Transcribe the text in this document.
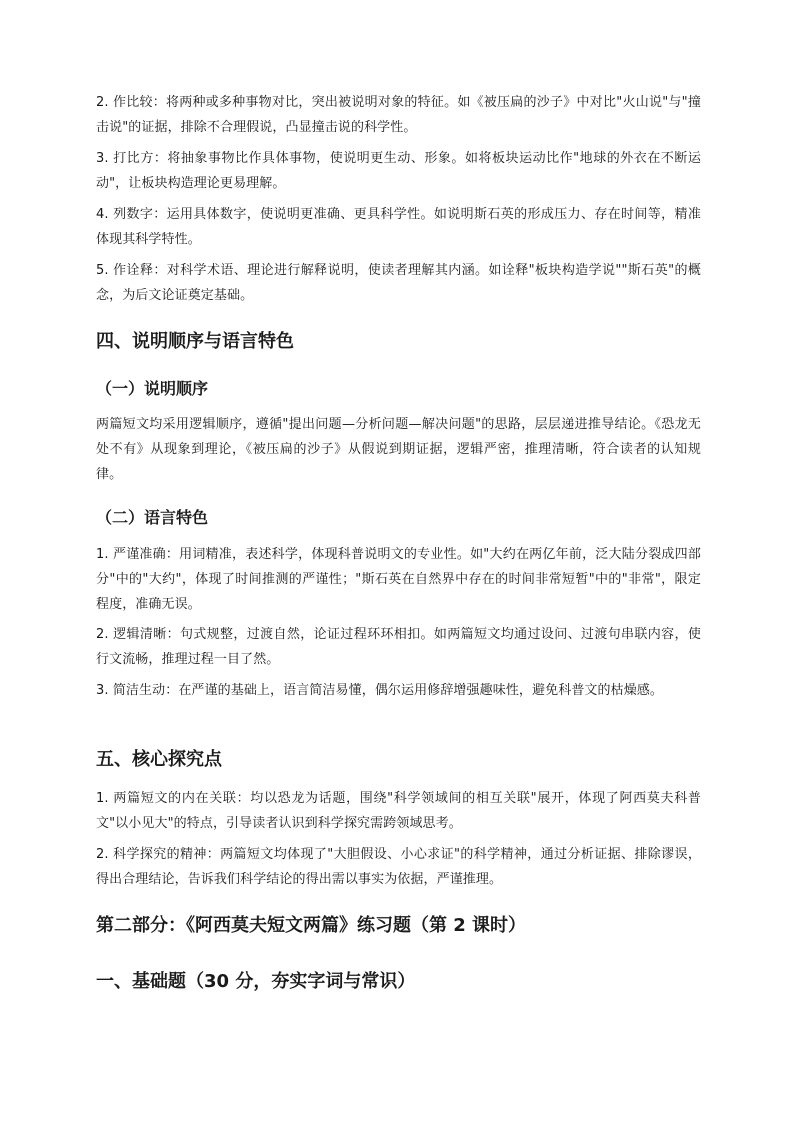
2. 作比较：将两种或多种事物对比，突出被说明对象的特征。如《被压扁的沙子》中对比"火山说"与"撞击说"的证据，排除不合理假说，凸显撞击说的科学性。

3. 打比方：将抽象事物比作具体事物，使说明更生动、形象。如将板块运动比作"地球的外衣在不断运动"，让板块构造理论更易理解。

4. 列数字：运用具体数字，使说明更准确、更具科学性。如说明斯石英的形成压力、存在时间等，精准体现其科学特性。

5. 作诠释：对科学术语、理论进行解释说明，使读者理解其内涵。如诠释"板块构造学说""斯石英"的概念，为后文论证奠定基础。

四、说明顺序与语言特色
（一）说明顺序

两篇短文均采用逻辑顺序，遵循"提出问题—分析问题—解决问题"的思路，层层递进推导结论。《恐龙无处不有》从现象到理论，《被压扁的沙子》从假说到期证据，逻辑严密，推理清晰，符合读者的认知规律。

（二）语言特色

1. 严谨准确：用词精准，表述科学，体现科普说明文的专业性。如"大约在两亿年前，泛大陆分裂成四部分"中的"大约"，体现了时间推测的严谨性；"斯石英在自然界中存在的时间非常短暂"中的"非常"，限定程度，准确无误。

2. 逻辑清晰：句式规整，过渡自然，论证过程环环相扣。如两篇短文均通过设问、过渡句串联内容，使行文流畅，推理过程一目了然。

3. 简洁生动：在严谨的基础上，语言简洁易懂，偶尔运用修辞增强趣味性，避免科普文的枯燥感。

五、核心探究点

1. 两篇短文的内在关联：均以恐龙为话题，围绕"科学领域间的相互关联"展开，体现了阿西莫夫科普文"以小见大"的特点，引导读者认识到科学探究需跨领域思考。

2. 科学探究的精神：两篇短文均体现了"大胆假设、小心求证"的科学精神，通过分析证据、排除谬误，得出合理结论，告诉我们科学结论的得出需以事实为依据，严谨推理。

第二部分：《阿西莫夫短文两篇》练习题（第 2 课时）
一、基础题（30 分，夯实字词与常识）
